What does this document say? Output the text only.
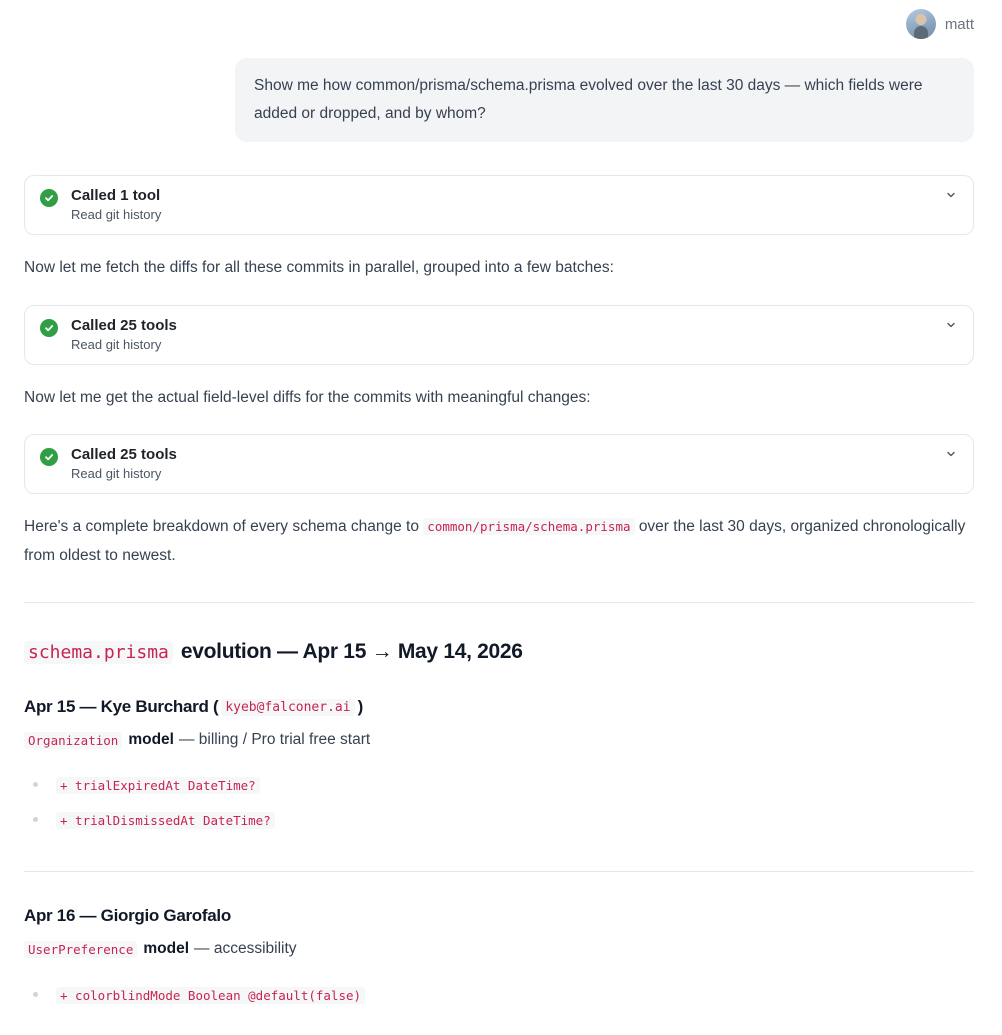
matt
Show me how common/prisma/schema.prisma evolved over the last 30 days — which fields were added or dropped, and by whom?
Called 1 tool
Read git history
Now let me fetch the diffs for all these commits in parallel, grouped into a few batches:
Called 25 tools
Read git history
Now let me get the actual field-level diffs for the commits with meaningful changes:
Called 25 tools
Read git history
Here's a complete breakdown of every schema change to common/prisma/schema.prisma over the last 30 days, organized chronologically from oldest to newest.
schema.prisma evolution — Apr 15 → May 14, 2026
Apr 15 — Kye Burchard ( kyeb@falconer.ai )
Organization model — billing / Pro trial free start
+ trialExpiredAt DateTime?
+ trialDismissedAt DateTime?
Apr 16 — Giorgio Garofalo
UserPreference model — accessibility
+ colorblindMode Boolean @default(false)
